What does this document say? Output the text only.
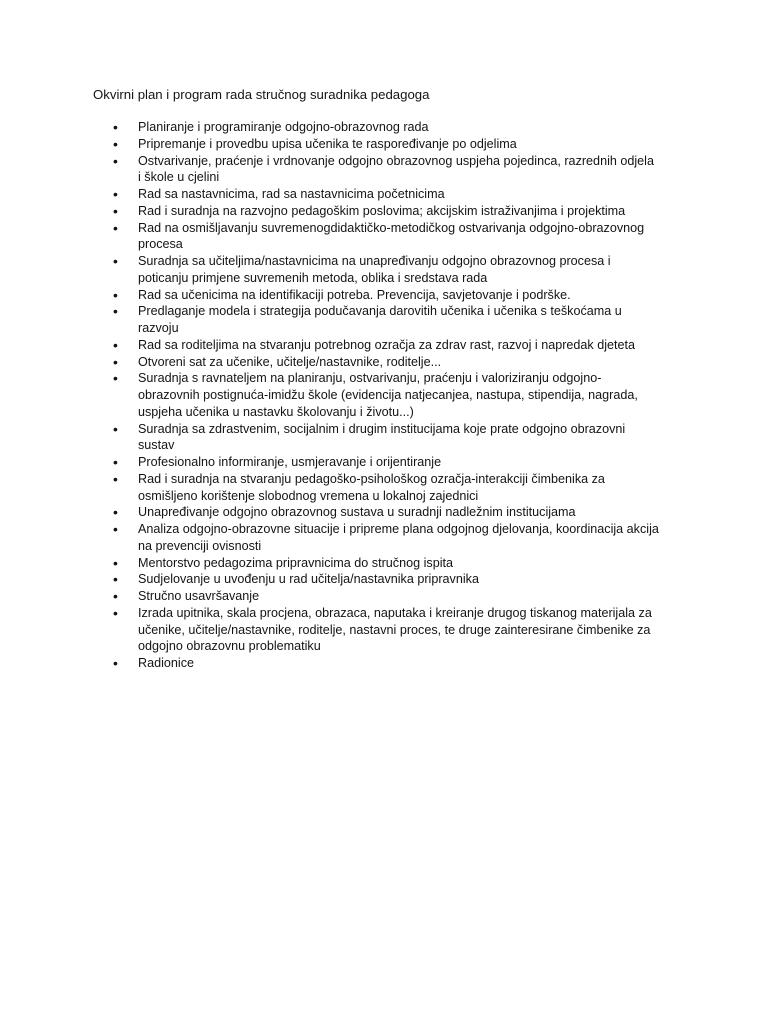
Okvirni plan i program rada stručnog suradnika pedagoga
• Planiranje i programiranje odgojno-obrazovnog rada
• Pripremanje i provedbu upisa učenika te raspoređivanje po odjelima
• Ostvarivanje, praćenje i vrdnovanje odgojno obrazovnog uspjeha pojedinca, razrednih odjela
i škole u cjelini
• Rad sa nastavnicima, rad sa nastavnicima početnicima
• Rad i suradnja na razvojno pedagoškim poslovima; akcijskim istraživanjima i projektima
• Rad na osmišljavanju suvremenogdidaktičko-metodičkog ostvarivanja odgojno-obrazovnog
procesa
• Suradnja sa učiteljima/nastavnicima na unapređivanju odgojno obrazovnog procesa i
poticanju primjene suvremenih metoda, oblika i sredstava rada
• Rad sa učenicima na identifikaciji potreba. Prevencija, savjetovanje i podrške.
• Predlaganje modela i strategija podučavanja darovitih učenika i učenika s teškoćama u
razvoju
• Rad sa roditeljima na stvaranju potrebnog ozračja za zdrav rast, razvoj i napredak djeteta
• Otvoreni sat za učenike, učitelje/nastavnike, roditelje...
• Suradnja s ravnateljem na planiranju, ostvarivanju, praćenju i valoriziranju odgojno-
obrazovnih postignuća-imidžu škole (evidencija natjecanjea, nastupa, stipendija, nagrada,
uspjeha učenika u nastavku školovanju i životu...)
• Suradnja sa zdrastvenim, socijalnim i drugim institucijama koje prate odgojno obrazovni
sustav
• Profesionalno informiranje, usmjeravanje i orijentiranje
• Rad i suradnja na stvaranju pedagoško-psihološkog ozračja-interakciji čimbenika za
osmišljeno korištenje slobodnog vremena u lokalnoj zajednici
• Unapređivanje odgojno obrazovnog sustava u suradnji nadležnim institucijama
• Analiza odgojno-obrazovne situacije i pripreme plana odgojnog djelovanja, koordinacija akcija
na prevenciji ovisnosti
• Mentorstvo pedagozima pripravnicima do stručnog ispita
• Sudjelovanje u uvođenju u rad učitelja/nastavnika pripravnika
• Stručno usavršavanje
• Izrada upitnika, skala procjena, obrazaca, naputaka i kreiranje drugog tiskanog materijala za
učenike, učitelje/nastavnike, roditelje, nastavni proces, te druge zainteresirane čimbenike za
odgojno obrazovnu problematiku
• Radionice
